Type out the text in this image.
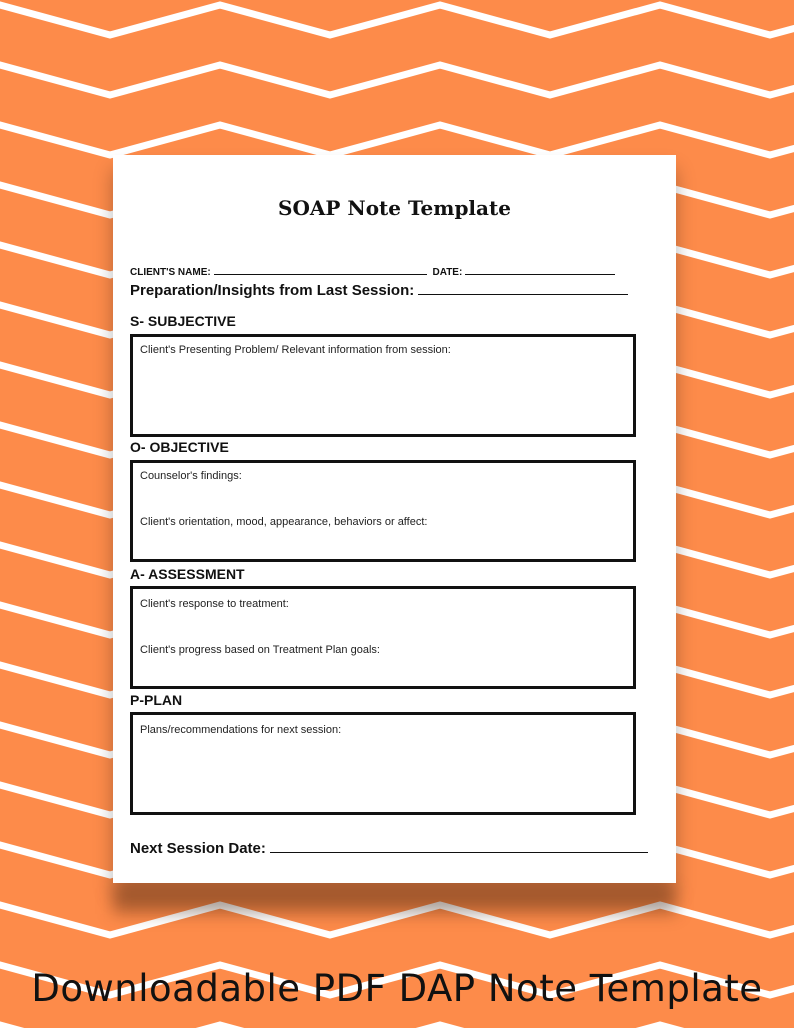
SOAP Note Template
CLIENT'S NAME:	DATE:
Preparation/Insights from Last Session:
S- SUBJECTIVE
Client's Presenting Problem/ Relevant information from session:
O- OBJECTIVE
Counselor's findings:
Client's orientation, mood, appearance, behaviors or affect:
A- ASSESSMENT
Client's response to treatment:
Client's progress based on Treatment Plan goals:
P-PLAN
Plans/recommendations for next session:
Next Session Date:
Downloadable PDF DAP Note Template
